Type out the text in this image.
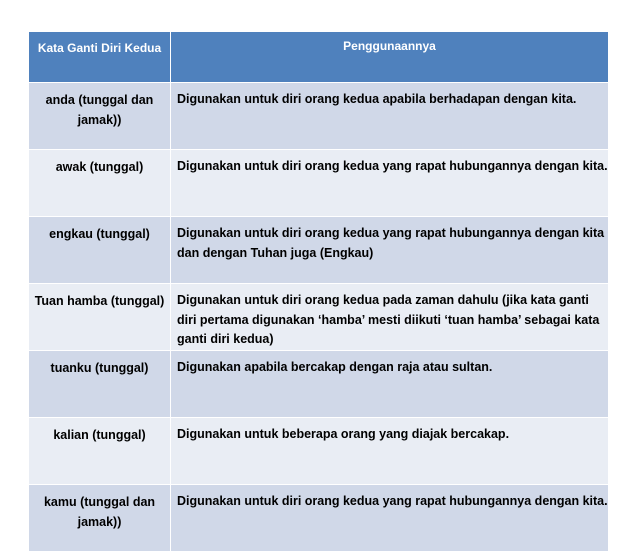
Kata Ganti Diri Kedua	Penggunaannya

anda (tunggal dan jamak))	Digunakan untuk diri orang kedua apabila berhadapan dengan kita.
awak (tunggal)	Digunakan untuk diri orang kedua yang rapat hubungannya dengan kita.
engkau (tunggal)	Digunakan untuk diri orang kedua yang rapat hubungannya dengan kita dan dengan Tuhan juga (Engkau)
Tuan hamba (tunggal)	Digunakan untuk diri orang kedua pada zaman dahulu (jika kata ganti diri pertama digunakan ‘hamba’ mesti diikuti ‘tuan hamba’ sebagai kata ganti diri kedua)
tuanku (tunggal)	Digunakan apabila bercakap dengan raja atau sultan.
kalian (tunggal)	Digunakan untuk beberapa orang yang diajak bercakap.
kamu (tunggal dan jamak))	Digunakan untuk diri orang kedua yang rapat hubungannya dengan kita.
